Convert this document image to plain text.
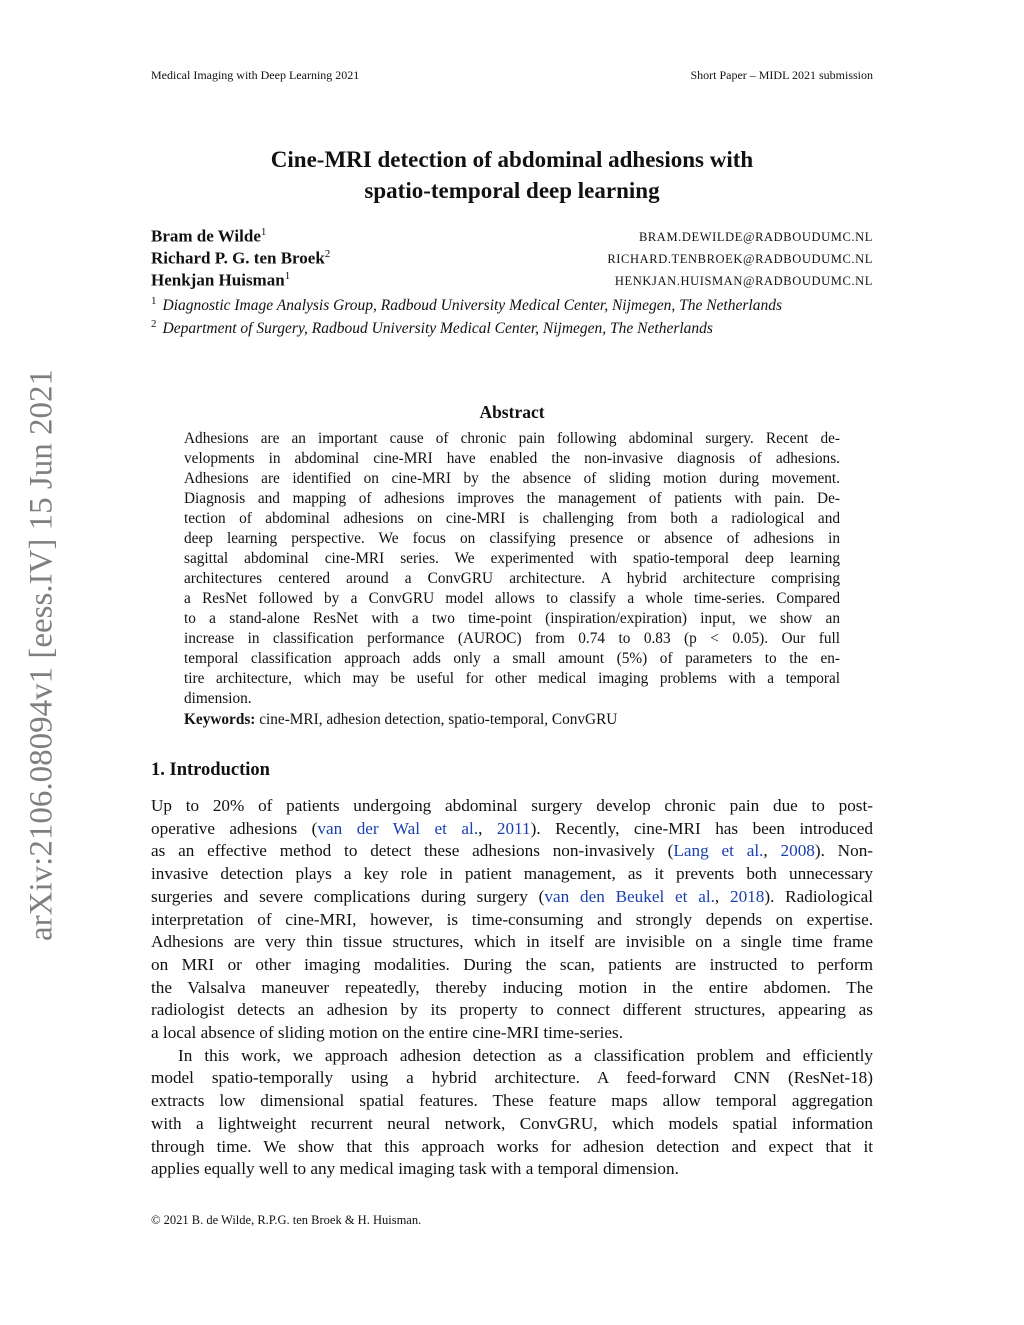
Medical Imaging with Deep Learning 2021	Short Paper – MIDL 2021 submission
Cine-MRI detection of abdominal adhesions with
spatio-temporal deep learning
Bram de Wilde$^1$	BRAM.DEWILDE@RADBOUDUMC.NL
Richard P. G. ten Broek$^2$	RICHARD.TENBROEK@RADBOUDUMC.NL
Henkjan Huisman$^1$	HENKJAN.HUISMAN@RADBOUDUMC.NL
$^1$ Diagnostic Image Analysis Group, Radboud University Medical Center, Nijmegen, The Netherlands
$^2$ Department of Surgery, Radboud University Medical Center, Nijmegen, The Netherlands
arXiv:2106.08094v1 [eess.IV] 15 Jun 2021	Abstract
Adhesions are an important cause of chronic pain following abdominal surgery. Recent de-
velopments in abdominal cine-MRI have enabled the non-invasive diagnosis of adhesions.
Adhesions are identified on cine-MRI by the absence of sliding motion during movement.
Diagnosis and mapping of adhesions improves the management of patients with pain. De-
tection of abdominal adhesions on cine-MRI is challenging from both a radiological and
deep learning perspective. We focus on classifying presence or absence of adhesions in
sagittal abdominal cine-MRI series. We experimented with spatio-temporal deep learning
architectures centered around a ConvGRU architecture. A hybrid architecture comprising
a ResNet followed by a ConvGRU model allows to classify a whole time-series. Compared
to a stand-alone ResNet with a two time-point (inspiration/expiration) input, we show an
increase in classification performance (AUROC) from 0.74 to 0.83 (p < 0.05). Our full
temporal classification approach adds only a small amount (5%) of parameters to the en-
tire architecture, which may be useful for other medical imaging problems with a temporal
dimension.
Keywords: cine-MRI, adhesion detection, spatio-temporal, ConvGRU
1. Introduction
Up to 20% of patients undergoing abdominal surgery develop chronic pain due to post-
operative adhesions (van der Wal et al., 2011). Recently, cine-MRI has been introduced
as an effective method to detect these adhesions non-invasively (Lang et al., 2008). Non-
invasive detection plays a key role in patient management, as it prevents both unnecessary
surgeries and severe complications during surgery (van den Beukel et al., 2018). Radiological
interpretation of cine-MRI, however, is time-consuming and strongly depends on expertise.
Adhesions are very thin tissue structures, which in itself are invisible on a single time frame
on MRI or other imaging modalities. During the scan, patients are instructed to perform
the Valsalva maneuver repeatedly, thereby inducing motion in the entire abdomen. The
radiologist detects an adhesion by its property to connect different structures, appearing as
a local absence of sliding motion on the entire cine-MRI time-series.
In this work, we approach adhesion detection as a classification problem and efficiently
model spatio-temporally using a hybrid architecture. A feed-forward CNN (ResNet-18)
extracts low dimensional spatial features. These feature maps allow temporal aggregation
with a lightweight recurrent neural network, ConvGRU, which models spatial information
through time. We show that this approach works for adhesion detection and expect that it
applies equally well to any medical imaging task with a temporal dimension.
© 2021 B. de Wilde, R.P.G. ten Broek & H. Huisman.
